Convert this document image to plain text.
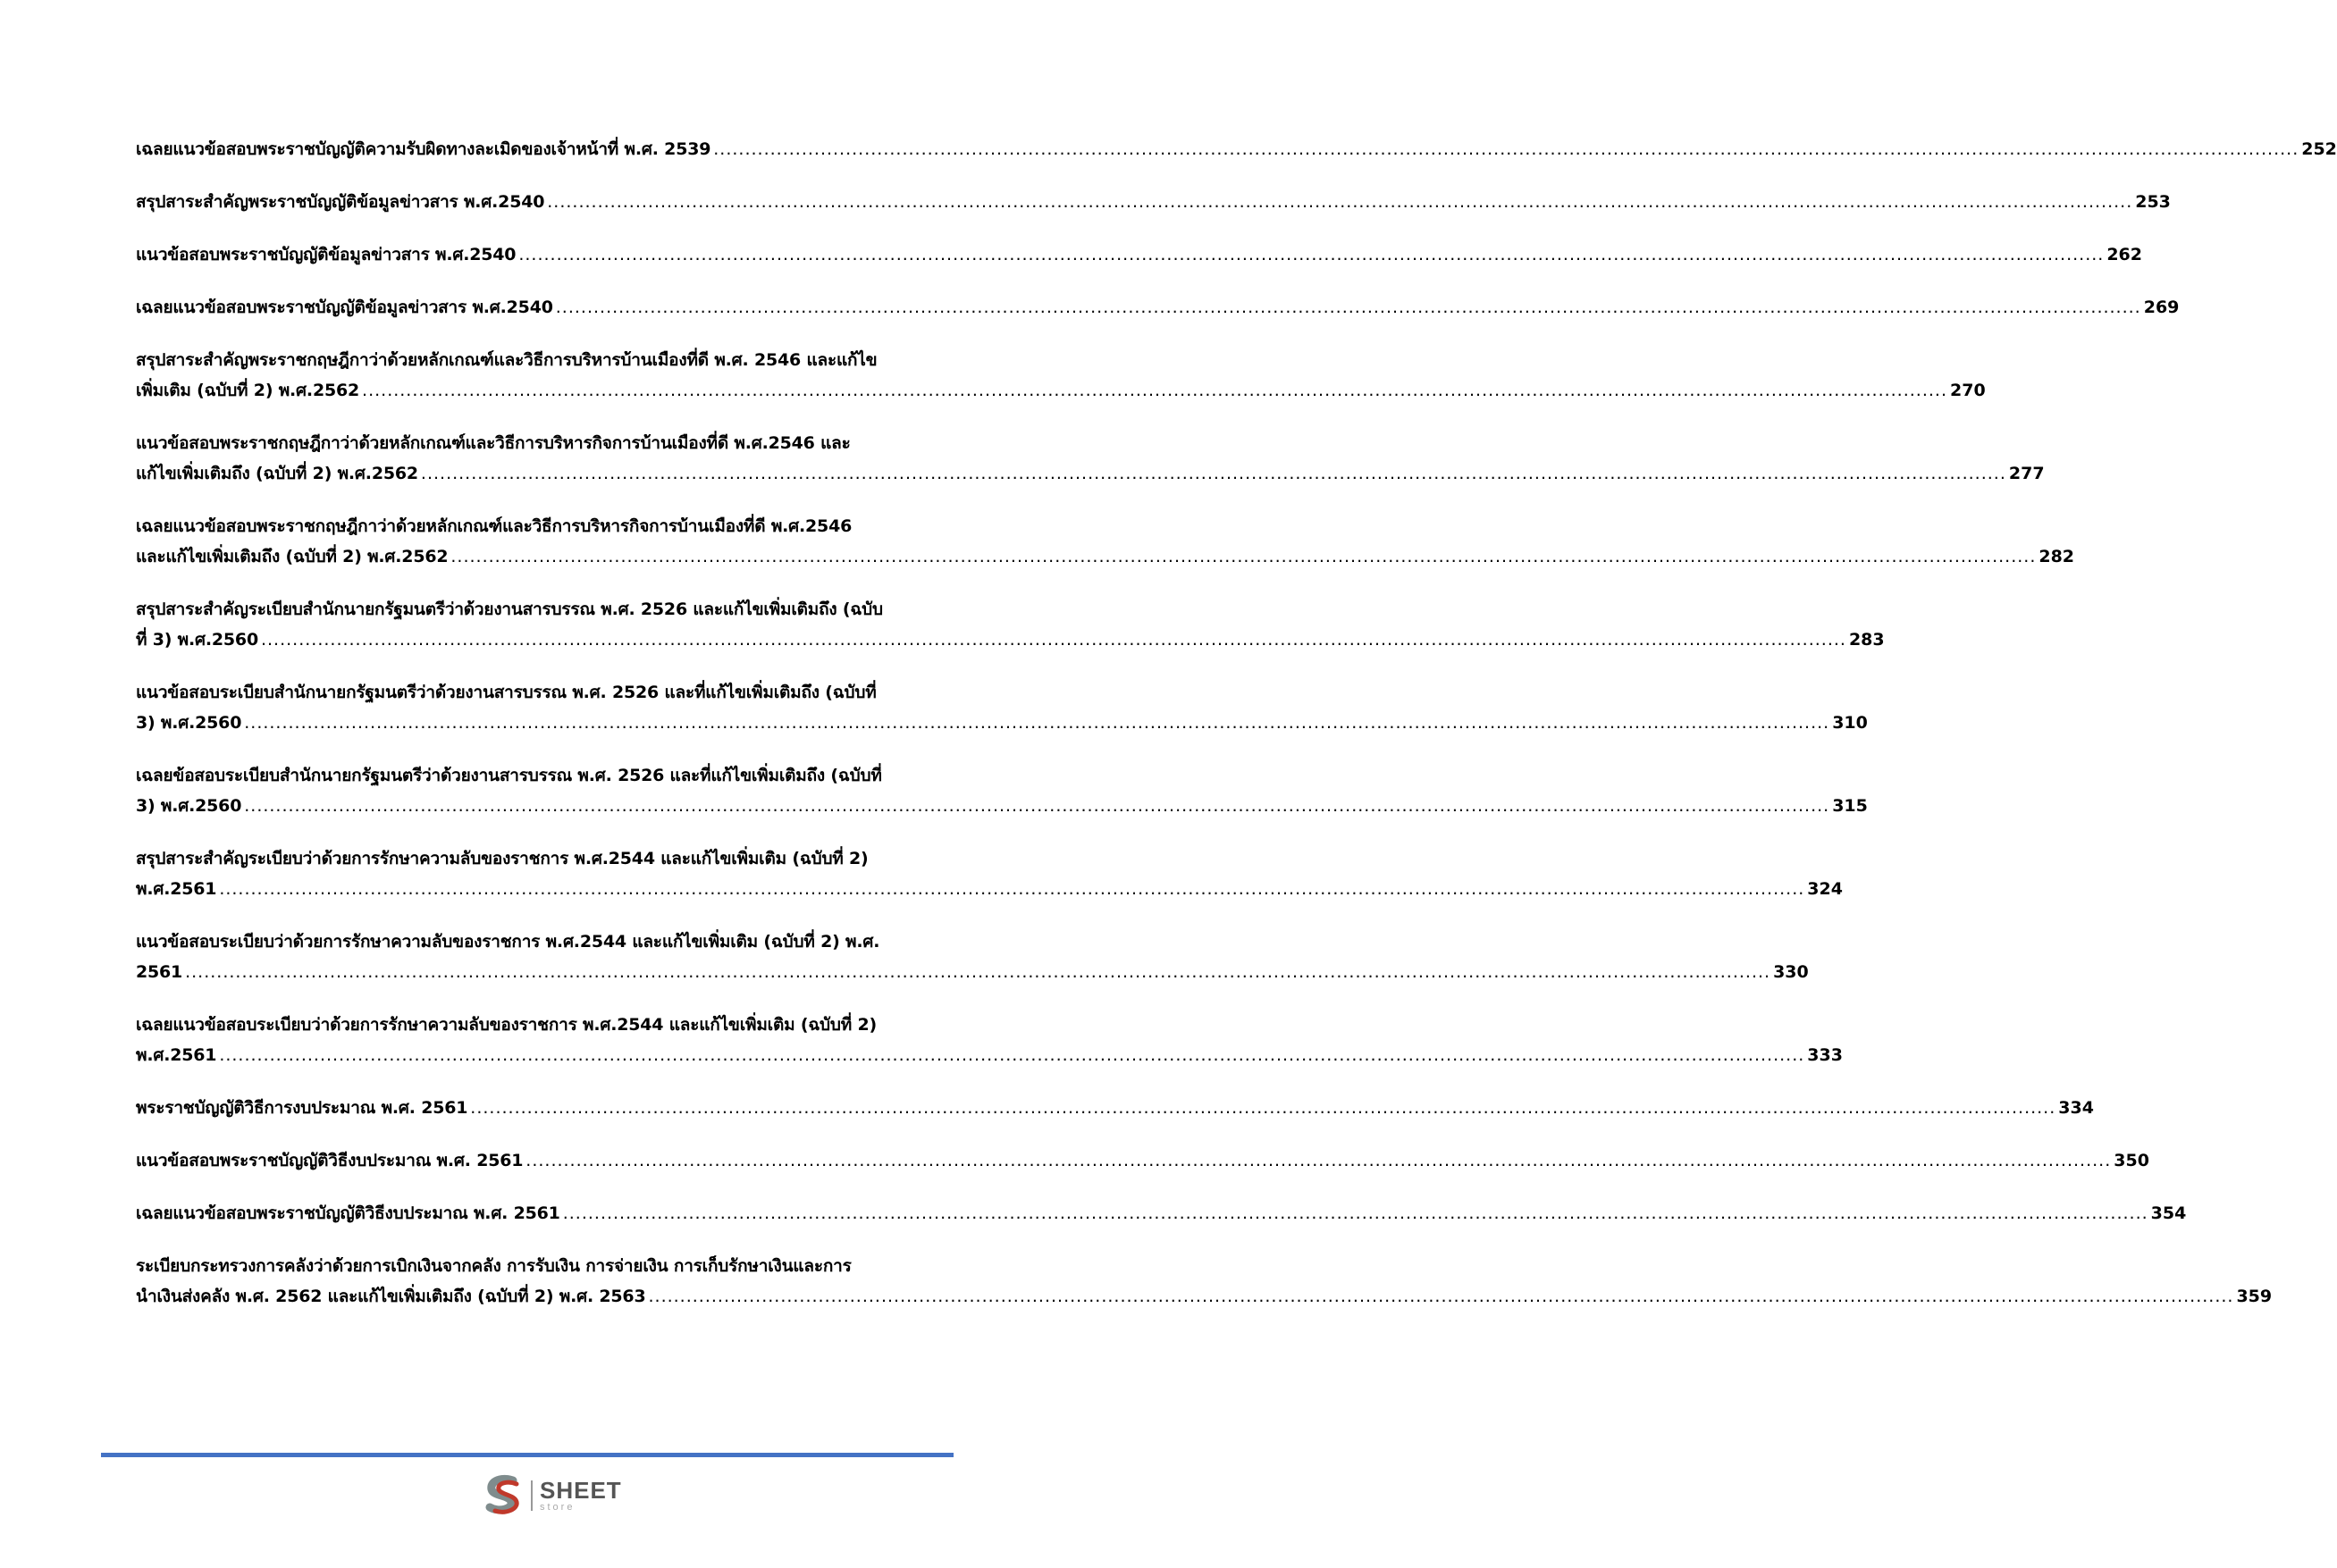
เฉลยแนวข้อสอบพระราชบัญญัติความรับผิดทางละเมิดของเจ้าหน้าที่ พ.ศ. 2539 .....	252
สรุปสาระสำคัญพระราชบัญญัติข้อมูลข่าวสาร พ.ศ.2540 .....	253
แนวข้อสอบพระราชบัญญัติข้อมูลข่าวสาร พ.ศ.2540 .....	262
เฉลยแนวข้อสอบพระราชบัญญัติข้อมูลข่าวสาร พ.ศ.2540 .....	269
สรุปสาระสำคัญพระราชกฤษฎีกาว่าด้วยหลักเกณฑ์และวิธีการบริหารบ้านเมืองที่ดี พ.ศ. 2546 และแก้ไข
เพิ่มเติม (ฉบับที่ 2) พ.ศ.2562 .....	270
แนวข้อสอบพระราชกฤษฎีกาว่าด้วยหลักเกณฑ์และวิธีการบริหารกิจการบ้านเมืองที่ดี พ.ศ.2546 และ
แก้ไขเพิ่มเติมถึง (ฉบับที่ 2) พ.ศ.2562 .....	277
เฉลยแนวข้อสอบพระราชกฤษฎีกาว่าด้วยหลักเกณฑ์และวิธีการบริหารกิจการบ้านเมืองที่ดี พ.ศ.2546
และแก้ไขเพิ่มเติมถึง (ฉบับที่ 2) พ.ศ.2562 .....	282
สรุปสาระสำคัญระเบียบสำนักนายกรัฐมนตรีว่าด้วยงานสารบรรณ พ.ศ. 2526 และแก้ไขเพิ่มเติมถึง (ฉบับ
ที่ 3) พ.ศ.2560 .....	283
แนวข้อสอบระเบียบสำนักนายกรัฐมนตรีว่าด้วยงานสารบรรณ พ.ศ. 2526 และที่แก้ไขเพิ่มเติมถึง (ฉบับที่
3) พ.ศ.2560 .....	310
เฉลยข้อสอบระเบียบสำนักนายกรัฐมนตรีว่าด้วยงานสารบรรณ พ.ศ. 2526 และที่แก้ไขเพิ่มเติมถึง (ฉบับที่
3) พ.ศ.2560 .....	315
สรุปสาระสำคัญระเบียบว่าด้วยการรักษาความลับของราชการ พ.ศ.2544 และแก้ไขเพิ่มเติม (ฉบับที่ 2)
พ.ศ.2561 .....	324
แนวข้อสอบระเบียบว่าด้วยการรักษาความลับของราชการ พ.ศ.2544 และแก้ไขเพิ่มเติม (ฉบับที่ 2) พ.ศ.
2561 .....	330
เฉลยแนวข้อสอบระเบียบว่าด้วยการรักษาความลับของราชการ พ.ศ.2544 และแก้ไขเพิ่มเติม (ฉบับที่ 2)
พ.ศ.2561 .....	333
พระราชบัญญัติวิธีการงบประมาณ พ.ศ. 2561 .....	334
แนวข้อสอบพระราชบัญญัติวิธีงบประมาณ พ.ศ. 2561 .....	350
เฉลยแนวข้อสอบพระราชบัญญัติวิธีงบประมาณ พ.ศ. 2561 .....	354
ระเบียบกระทรวงการคลังว่าด้วยการเบิกเงินจากคลัง การรับเงิน การจ่ายเงิน การเก็บรักษาเงินและการ
นำเงินส่งคลัง พ.ศ. 2562 และแก้ไขเพิ่มเติมถึง (ฉบับที่ 2) พ.ศ. 2563 .....	359
SHEET
store
